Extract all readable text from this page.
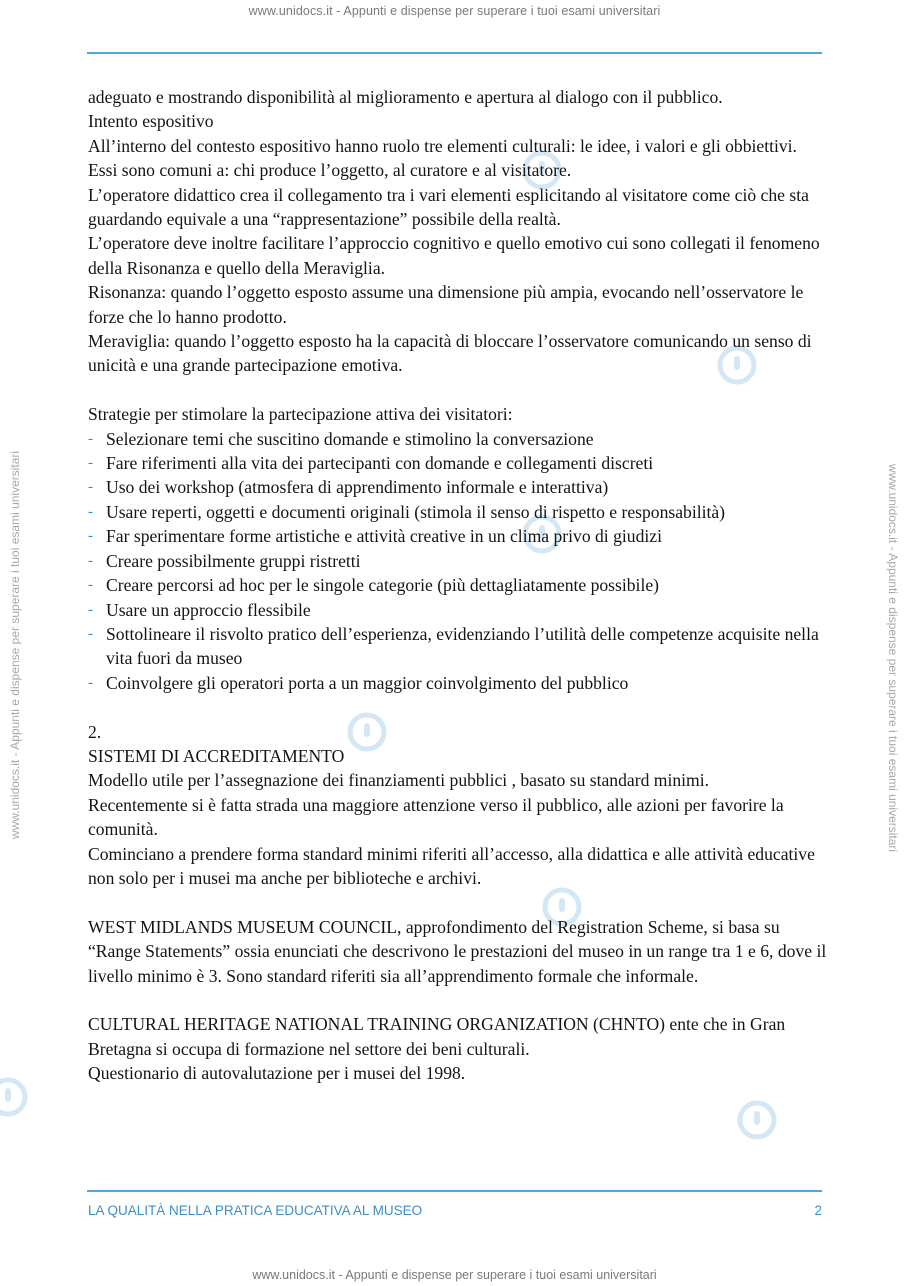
www.unidocs.it - Appunti e dispense per superare i tuoi esami universitari
www.unidocs.it - Appunti e dispense per superare i tuoi esami universitari	www.unidocs.it - Appunti e dispense per superare i tuoi esami universitari

adeguato e mostrando disponibilità al miglioramento e apertura al dialogo con il pubblico.

Intento espositivo

All’interno del contesto espositivo hanno ruolo tre elementi culturali: le idee, i valori e gli obbiettivi. Essi sono comuni a: chi produce l’oggetto, al curatore e al visitatore.

L’operatore didattico crea il collegamento tra i vari elementi esplicitando al visitatore come ciò che sta guardando equivale a una “rappresentazione” possibile della realtà.

L’operatore deve inoltre facilitare l’approccio cognitivo e quello emotivo cui sono collegati il fenomeno della Risonanza e quello della Meraviglia.

Risonanza: quando l’oggetto esposto assume una dimensione più ampia, evocando nell’osservatore le forze che lo hanno prodotto.

Meraviglia: quando l’oggetto esposto ha la capacità di bloccare l’osservatore comunicando un senso di unicità e una grande partecipazione emotiva.

Strategie per stimolare la partecipazione attiva dei visitatori:

- Selezionare temi che suscitino domande e stimolino la conversazione
- Fare riferimenti alla vita dei partecipanti con domande e collegamenti discreti
- Uso dei workshop (atmosfera di apprendimento informale e interattiva)
- Usare reperti, oggetti e documenti originali (stimola il senso di rispetto e responsabilità)
- Far sperimentare forme artistiche e attività creative in un clima privo di giudizi
- Creare possibilmente gruppi ristretti
- Creare percorsi ad hoc per le singole categorie (più dettagliatamente possibile)
- Usare un approccio flessibile
- Sottolineare il risvolto pratico dell’esperienza, evidenziando l’utilità delle competenze acquisite nella vita fuori da museo
- Coinvolgere gli operatori porta a un maggior coinvolgimento del pubblico

2.

SISTEMI DI ACCREDITAMENTO

Modello utile per l’assegnazione dei finanziamenti pubblici , basato su standard minimi.

Recentemente si è fatta strada una maggiore attenzione verso il pubblico, alle azioni per favorire la comunità.

Cominciano a prendere forma standard minimi riferiti all’accesso, alla didattica e alle attività educative non solo per i musei ma anche per biblioteche e archivi.

WEST MIDLANDS MUSEUM COUNCIL, approfondimento del Registration Scheme, si basa su “Range Statements” ossia enunciati che descrivono le prestazioni del museo in un range tra 1 e 6, dove il livello minimo è 3. Sono standard riferiti sia all’apprendimento formale che informale.

CULTURAL HERITAGE NATIONAL TRAINING ORGANIZATION (CHNTO) ente che in Gran Bretagna si occupa di formazione nel settore dei beni culturali.

Questionario di autovalutazione per i musei del 1998.

LA QUALITÀ NELLA PRATICA EDUCATIVA AL MUSEO	2
www.unidocs.it - Appunti e dispense per superare i tuoi esami universitari
